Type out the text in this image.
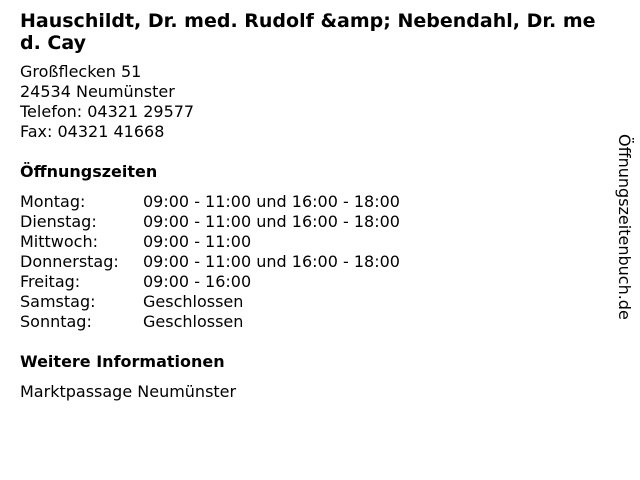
Hauschildt, Dr. med. Rudolf &amp; Nebendahl, Dr. med. Cay
Großflecken 51
24534 Neumünster
Telefon: 04321 29577
Fax: 04321 41668
Öffnungszeiten
Montag:	09:00 - 11:00 und 16:00 - 18:00
Dienstag:	09:00 - 11:00 und 16:00 - 18:00
Mittwoch:	09:00 - 11:00
Donnerstag:	09:00 - 11:00 und 16:00 - 18:00
Freitag:	09:00 - 16:00
Samstag:	Geschlossen
Sonntag:	Geschlossen
Weitere Informationen
Marktpassage Neumünster
Öffnungszeitenbuch.de
